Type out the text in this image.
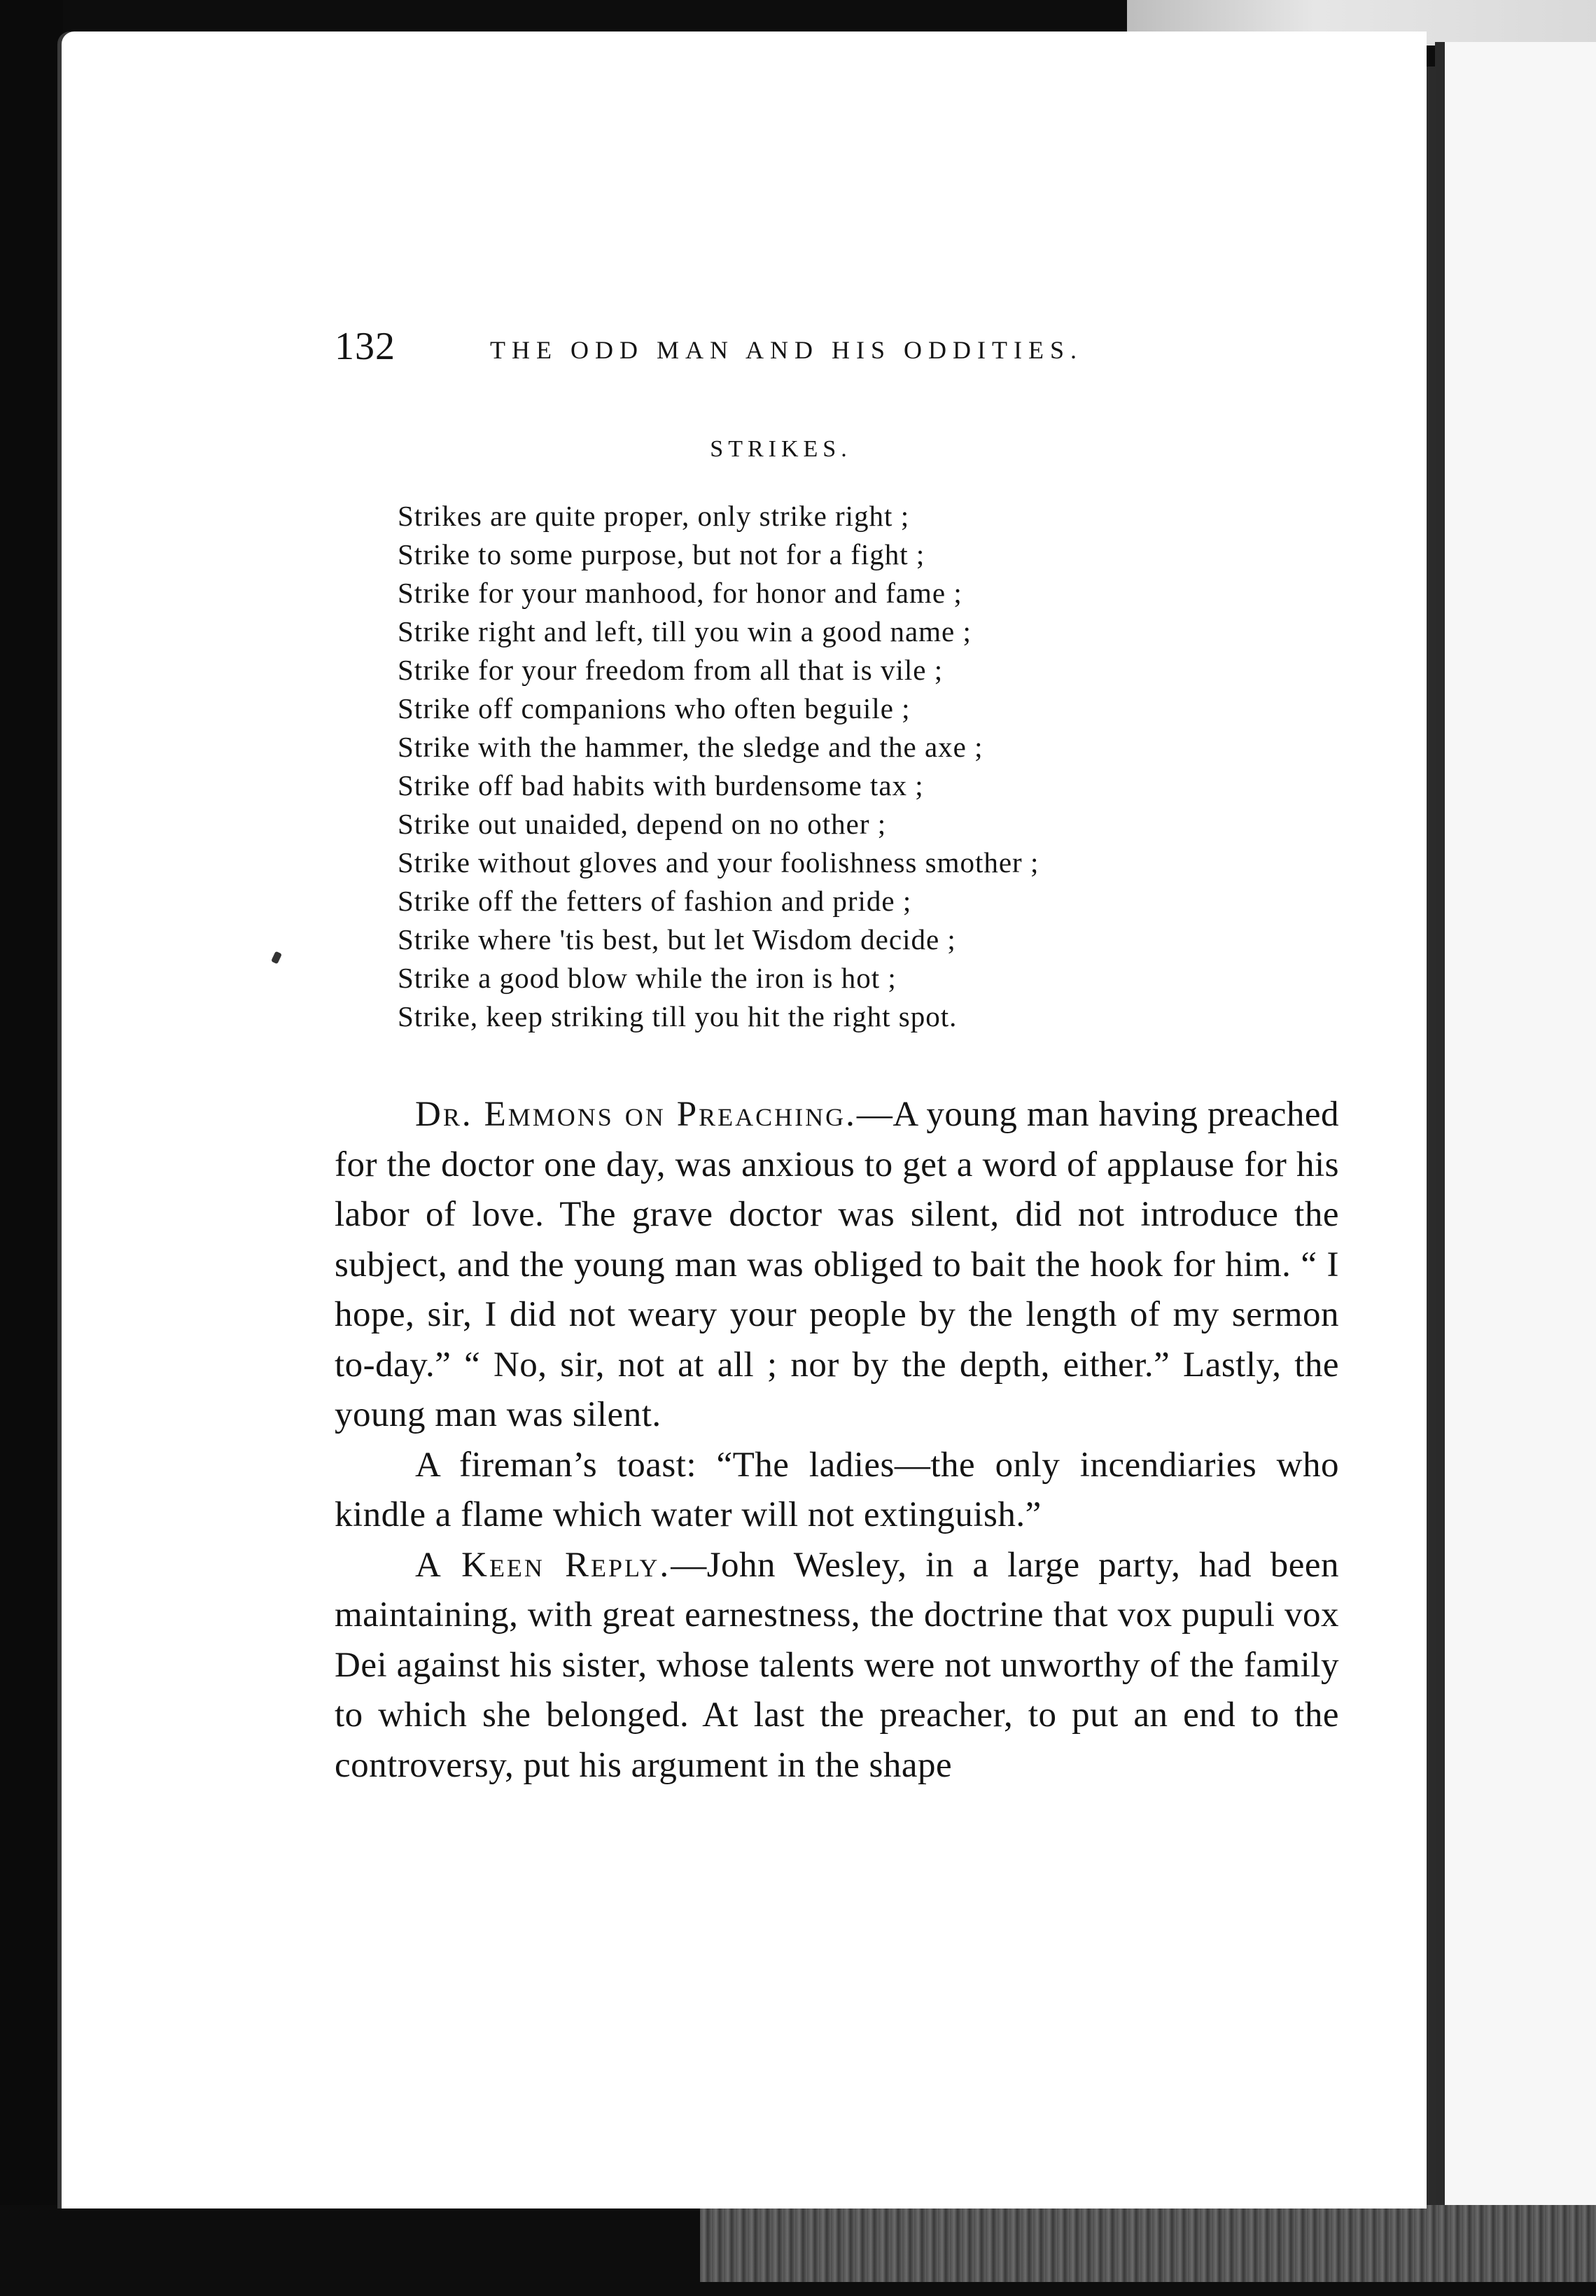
132	THE ODD MAN AND HIS ODDITIES.
STRIKES.
Strikes are quite proper, only strike right ;
Strike to some purpose, but not for a fight ;
Strike for your manhood, for honor and fame ;
Strike right and left, till you win a good name ;
Strike for your freedom from all that is vile ;
Strike off companions who often beguile ;
Strike with the hammer, the sledge and the axe ;
Strike off bad habits with burdensome tax ;
Strike out unaided, depend on no other ;
Strike without gloves and your foolishness smother ;
Strike off the fetters of fashion and pride ;
Strike where 'tis best, but let Wisdom decide ;
Strike a good blow while the iron is hot ;
Strike, keep striking till you hit the right spot.

Dr. Emmons on Preaching.—A young man having preached for the doctor one day, was anxious to get a word of applause for his labor of love. The grave doctor was silent, did not introduce the subject, and the young man was obliged to bait the hook for him. “ I hope, sir, I did not weary your people by the length of my sermon to-day.” “ No, sir, not at all ; nor by the depth, either.” Lastly, the young man was silent.

A fireman’s toast: “The ladies—the only incendiaries who kindle a flame which water will not extinguish.”

A Keen Reply.—John Wesley, in a large party, had been maintaining, with great earnestness, the doctrine that vox pupuli vox Dei against his sister, whose talents were not unworthy of the family to which she belonged. At last the preacher, to put an end to the controversy, put his argument in the shape
